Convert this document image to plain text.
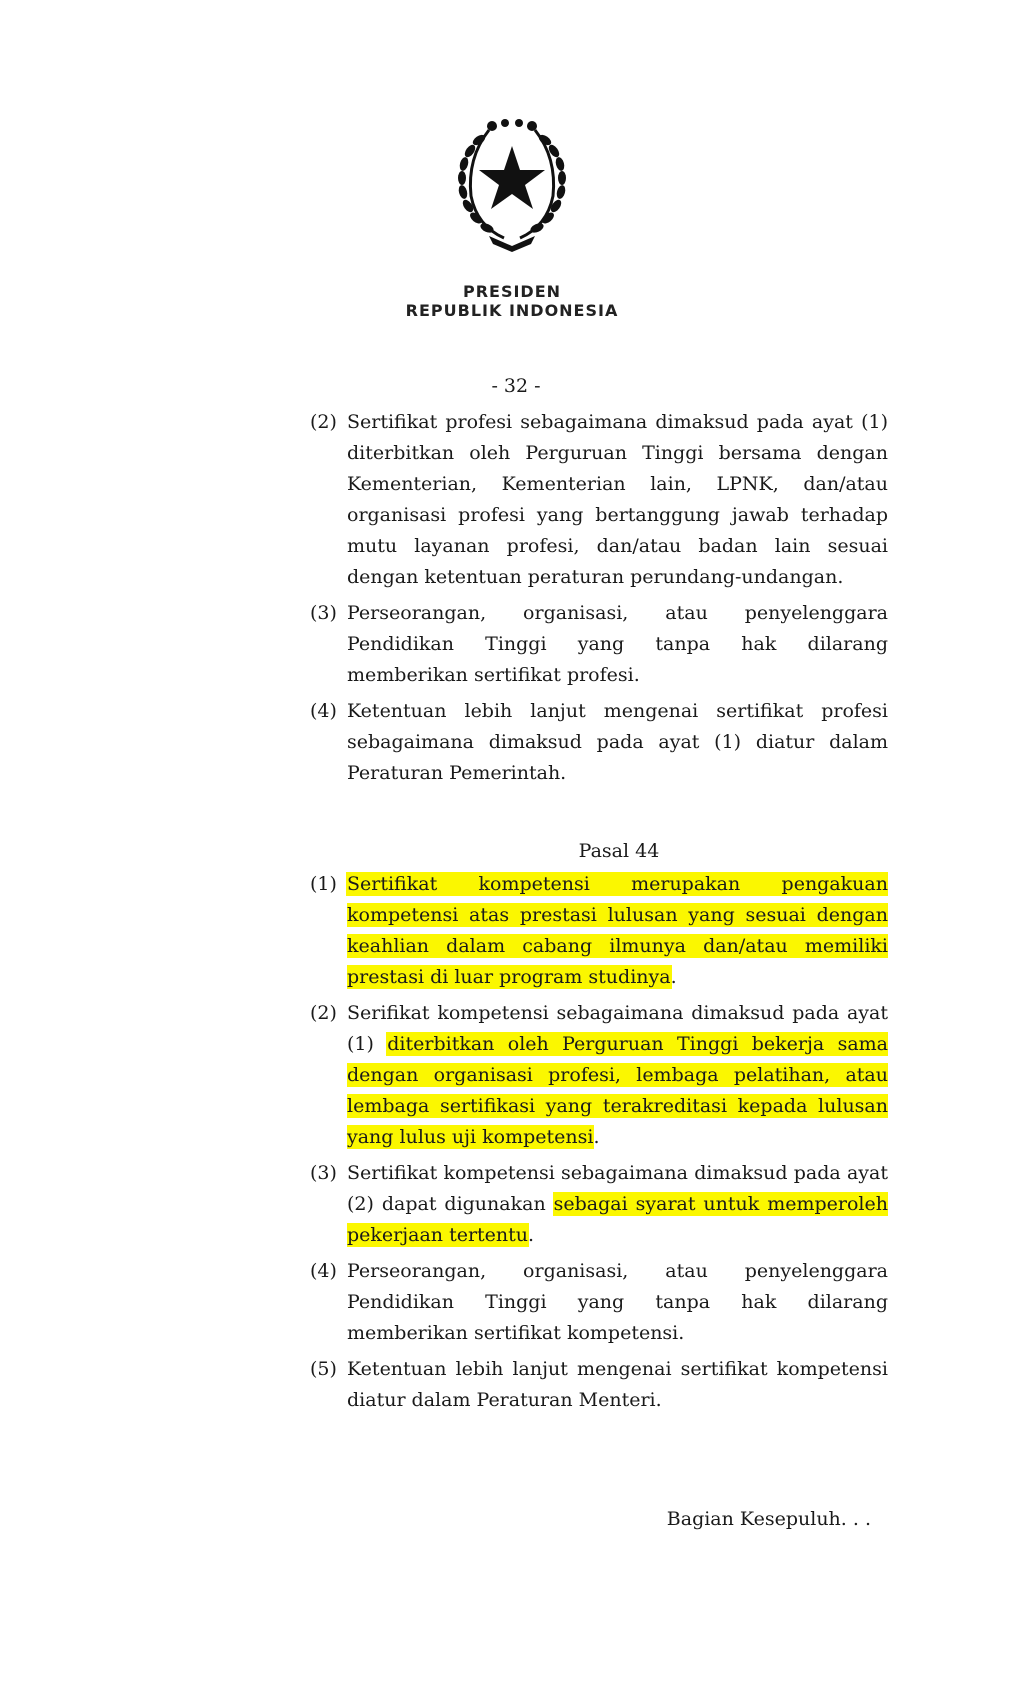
PRESIDEN
REPUBLIK INDONESIA
- 32 -
(2) Sertifikat profesi sebagaimana dimaksud pada ayat (1) diterbitkan oleh Perguruan Tinggi bersama dengan Kementerian, Kementerian lain, LPNK, dan/atau organisasi profesi yang bertanggung jawab terhadap mutu layanan profesi, dan/atau badan lain sesuai dengan ketentuan peraturan perundang-undangan.
(3) Perseorangan, organisasi, atau penyelenggara Pendidikan Tinggi yang tanpa hak dilarang memberikan sertifikat profesi.
(4) Ketentuan lebih lanjut mengenai sertifikat profesi sebagaimana dimaksud pada ayat (1) diatur dalam Peraturan Pemerintah.
Pasal 44
(1) Sertifikat kompetensi merupakan pengakuan kompetensi atas prestasi lulusan yang sesuai dengan keahlian dalam cabang ilmunya dan/atau memiliki prestasi di luar program studinya.
(2) Serifikat kompetensi sebagaimana dimaksud pada ayat (1) diterbitkan oleh Perguruan Tinggi bekerja sama dengan organisasi profesi, lembaga pelatihan, atau lembaga sertifikasi yang terakreditasi kepada lulusan yang lulus uji kompetensi.
(3) Sertifikat kompetensi sebagaimana dimaksud pada ayat (2) dapat digunakan sebagai syarat untuk memperoleh pekerjaan tertentu.
(4) Perseorangan, organisasi, atau penyelenggara Pendidikan Tinggi yang tanpa hak dilarang memberikan sertifikat kompetensi.
(5) Ketentuan lebih lanjut mengenai sertifikat kompetensi diatur dalam Peraturan Menteri.
Bagian Kesepuluh. . .
